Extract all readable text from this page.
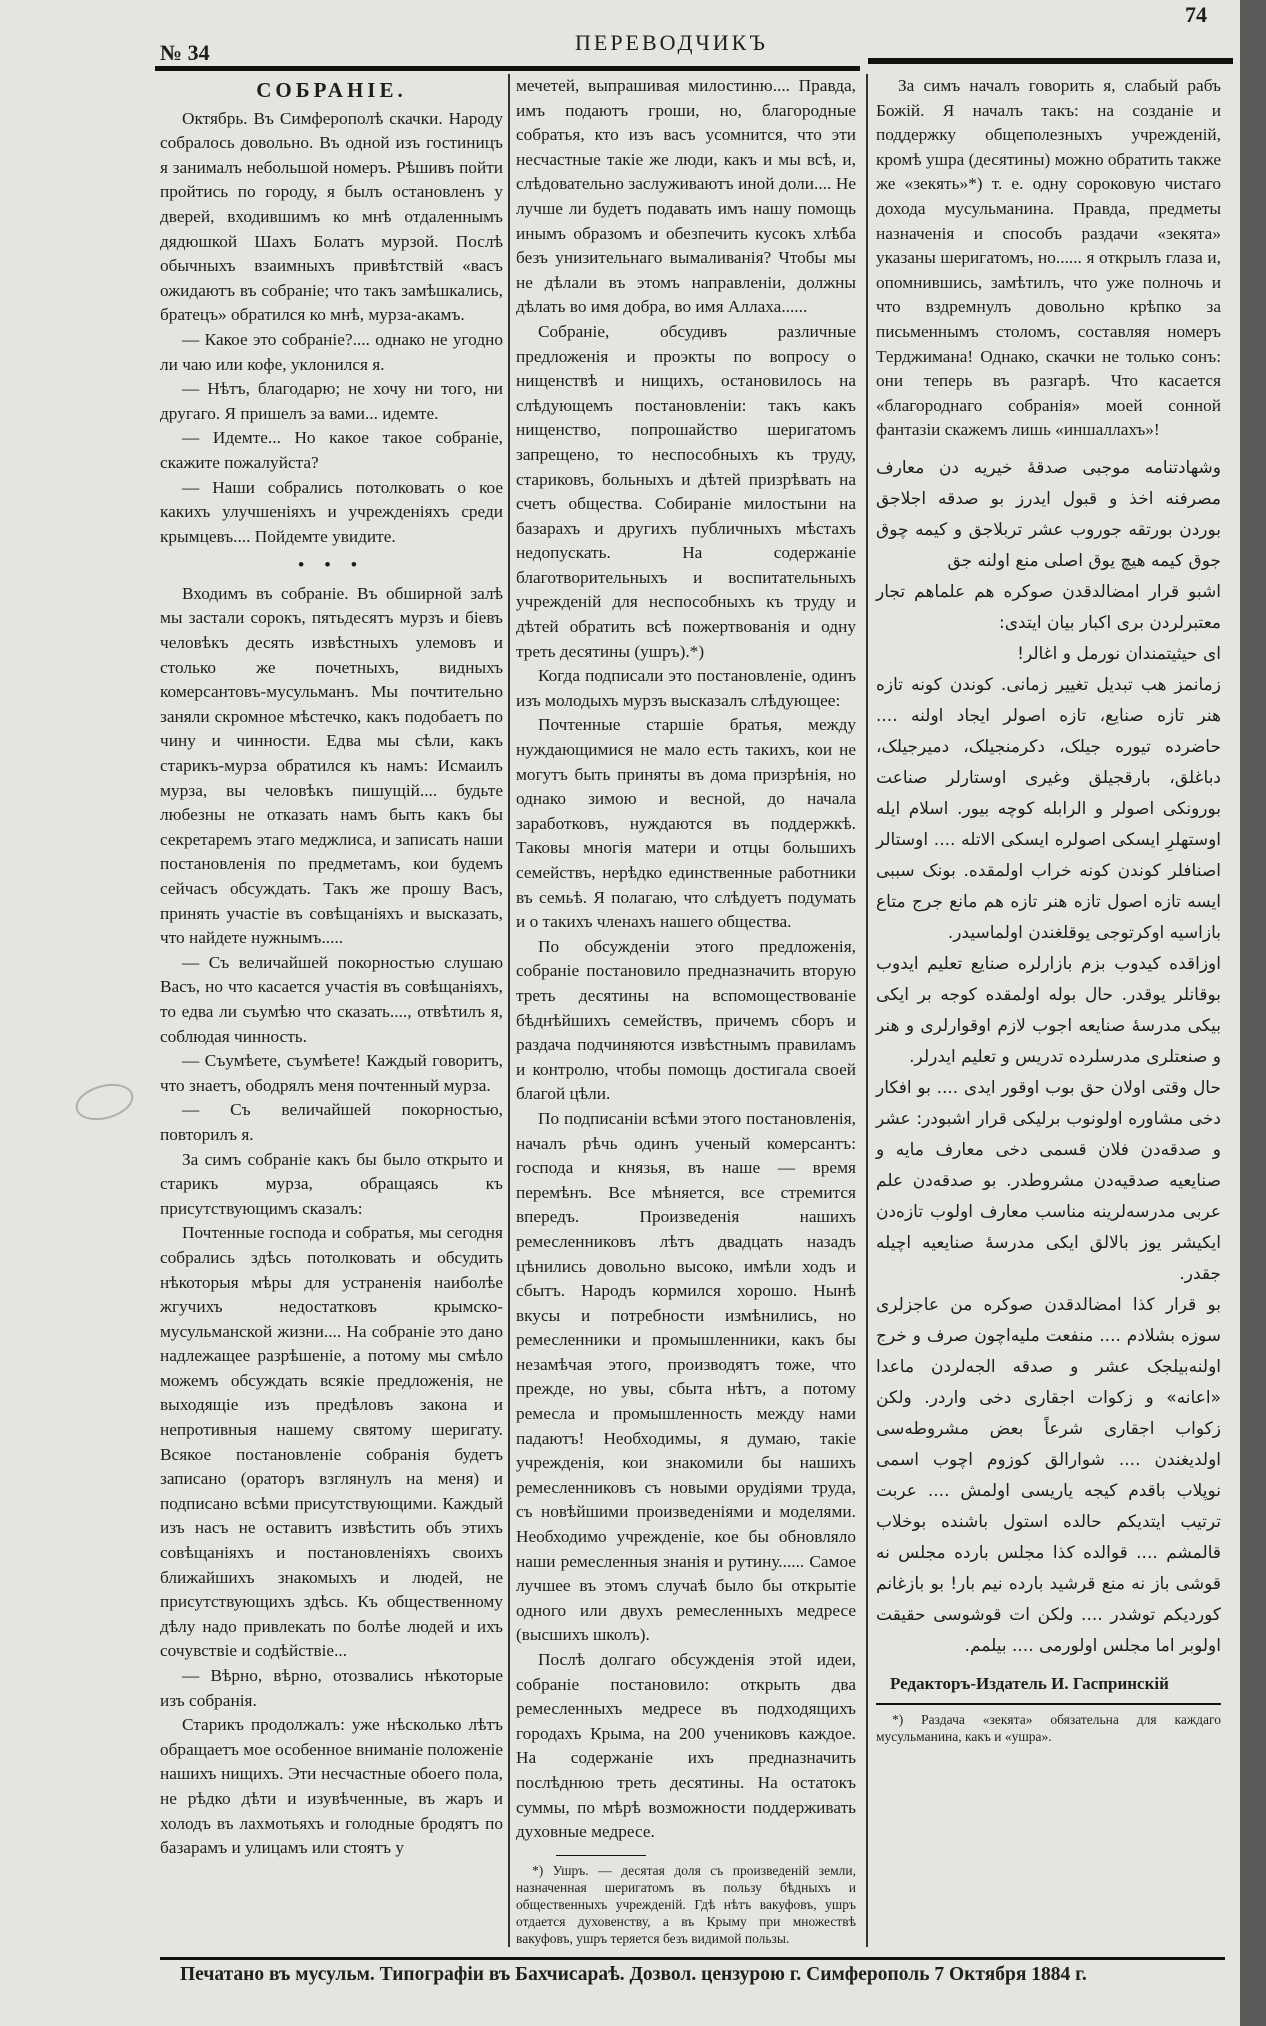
№ 34	ПЕРЕВОДЧИКЪ
74
СОБРАНІЕ.

Октябрь. Въ Симферополѣ скачки. Народу собралось довольно. Въ одной изъ гостиницъ я занималъ небольшой номеръ. Рѣшивъ пойти пройтись по городу, я былъ остановленъ у дверей, входившимъ ко мнѣ отдаленнымъ дядюшкой Шахъ Болатъ мурзой. Послѣ обычныхъ взаимныхъ привѣтствій «васъ ожидаютъ въ собраніе; что такъ замѣшкались, братецъ» обратился ко мнѣ, мурза-акамъ.

— Какое это собраніе?.... однако не угодно ли чаю или кофе, уклонился я.

— Нѣтъ, благодарю; не хочу ни того, ни другаго. Я пришелъ за вами... идемте.

— Идемте... Но какое такое собраніе, скажите пожалуйста?

— Наши собрались потолковать о кое какихъ улучшеніяхъ и учрежденіяхъ среди крымцевъ.... Пойдемте увидите.

• • •

Входимъ въ собраніе. Въ обширной залѣ мы застали сорокъ, пятьдесятъ мурзъ и біевъ человѣкъ десять извѣстныхъ улемовъ и столько же почетныхъ, видныхъ комерсантовъ-мусульманъ. Мы почтительно заняли скромное мѣстечко, какъ подобаетъ по чину и чинности. Едва мы сѣли, какъ старикъ-мурза обратился къ намъ: Исмаилъ мурза, вы человѣкъ пишущій.... будьте любезны не отказать намъ быть какъ бы секретаремъ этаго меджлиса, и записать наши постановленія по предметамъ, кои будемъ сейчасъ обсуждать. Такъ же прошу Васъ, принять участіе въ совѣщаніяхъ и высказать, что найдете нужнымъ.....

— Съ величайшей покорностью слушаю Васъ, но что касается участія въ совѣщаніяхъ, то едва ли съумѣю что сказать...., отвѣтилъ я, соблюдая чинность.

— Съумѣете, съумѣете! Каждый говоритъ, что знаетъ, ободрялъ меня почтенный мурза.

— Съ величайшей покорностью, повторилъ я.

За симъ собраніе какъ бы было открыто и старикъ мурза, обращаясь къ присутствующимъ сказалъ:

Почтенные господа и собратья, мы сегодня собрались здѣсь потолковать и обсудить нѣкоторыя мѣры для устраненія наиболѣе жгучихъ недостатковъ крымско-мусульманской жизни.... На собраніе это дано надлежащее разрѣшеніе, а потому мы смѣло можемъ обсуждать всякіе предложенія, не выходящіе изъ предѣловъ закона и непротивныя нашему святому шеригату. Всякое постановленіе собранія будетъ записано (ораторъ взглянулъ на меня) и подписано всѣми присутствующими. Каждый изъ насъ не оставитъ извѣстить объ этихъ совѣщаніяхъ и постановленіяхъ своихъ ближайшихъ знакомыхъ и людей, не присутствующихъ здѣсь. Къ общественному дѣлу надо привлекать по болѣе людей и ихъ сочувствіе и содѣйствіе...

— Вѣрно, вѣрно, отозвались нѣкоторые изъ собранія.

Старикъ продолжалъ: уже нѣсколько лѣтъ обращаетъ мое особенное вниманіе положеніе нашихъ нищихъ. Эти несчастные обоего пола, не рѣдко дѣти и изувѣченные, въ жаръ и холодъ въ лахмотьяхъ и голодные бродятъ по базарамъ и улицамъ или стоятъ у

мечетей, выпрашивая милостиню.... Правда, имъ подаютъ гроши, но, благородные собратья, кто изъ васъ усомнится, что эти несчастные такіе же люди, какъ и мы всѣ, и, слѣдовательно заслуживаютъ иной доли.... Не лучше ли будетъ подавать имъ нашу помощь инымъ образомъ и обезпечить кусокъ хлѣба безъ унизительнаго вымаливанія? Чтобы мы не дѣлали въ этомъ направленіи, должны дѣлать во имя добра, во имя Аллаха......

Собраніе, обсудивъ различные предложенія и проэкты по вопросу о нищенствѣ и нищихъ, остановилось на слѣдующемъ постановленіи: такъ какъ нищенство, попрошайство шеригатомъ запрещено, то неспособныхъ къ труду, стариковъ, больныхъ и дѣтей призрѣвать на счетъ общества. Собираніе милостыни на базарахъ и другихъ публичныхъ мѣстахъ недопускать. На содержаніе благотворительныхъ и воспитательныхъ учрежденій для неспособныхъ къ труду и дѣтей обратить всѣ пожертвованія и одну треть десятины (ушръ).*)

Когда подписали это постановленіе, одинъ изъ молодыхъ мурзъ высказалъ слѣдующее:

Почтенные старшіе братья, между нуждающимися не мало есть такихъ, кои не могутъ быть приняты въ дома призрѣнія, но однако зимою и весной, до начала заработковъ, нуждаются въ поддержкѣ. Таковы многія матери и отцы большихъ семействъ, нерѣдко единственные работники въ семьѣ. Я полагаю, что слѣдуетъ подумать и о такихъ членахъ нашего общества.

По обсужденіи этого предложенія, собраніе постановило предназначить вторую треть десятины на вспомоществованіе бѣднѣйшихъ семействъ, причемъ сборъ и раздача подчиняются извѣстнымъ правиламъ и контролю, чтобы помощь достигала своей благой цѣли.

По подписаніи всѣми этого постановленія, началъ рѣчь одинъ ученый комерсантъ: господа и князья, въ наше — время перемѣнъ. Все мѣняется, все стремится впередъ. Произведенія нашихъ ремесленниковъ лѣтъ двадцать назадъ цѣнились довольно высоко, имѣли ходъ и сбытъ. Народъ кормился хорошо. Нынѣ вкусы и потребности измѣнились, но ремесленники и промышленники, какъ бы незамѣчая этого, производятъ тоже, что прежде, но увы, сбыта нѣтъ, а потому ремесла и промышленность между нами падаютъ! Необходимы, я думаю, такіе учрежденія, кои знакомили бы нашихъ ремесленниковъ съ новыми орудіями труда, съ новѣйшими произведеніями и моделями. Необходимо учрежденіе, кое бы обновляло наши ремесленныя знанія и рутину...... Самое лучшее въ этомъ случаѣ было бы открытіе одного или двухъ ремесленныхъ медресе (высшихъ школъ).

Послѣ долгаго обсужденія этой идеи, собраніе постановило: открыть два ремесленныхъ медресе въ подходящихъ городахъ Крыма, на 200 учениковъ каждое. На содержаніе ихъ предназначить послѣднюю треть десятины. На остатокъ суммы, по мѣрѣ возможности поддерживать духовные медресе.

*) Ушръ. — десятая доля съ произведеній земли, назначенная шеригатомъ въ пользу бѣдныхъ и общественныхъ учрежденій. Гдѣ нѣтъ вакуфовъ, ушръ отдается духовенству, а въ Крыму при множествѣ вакуфовъ, ушръ теряется безъ видимой пользы.

За симъ началъ говорить я, слабый рабъ Божій. Я началъ такъ: на созданіе и поддержку общеполезныхъ учрежденій, кромѣ ушра (десятины) можно обратить также же «зекять»*) т. е. одну сороковую чистаго дохода мусульманина. Правда, предметы назначенія и способъ раздачи «зекята» указаны шеригатомъ, но...... я открылъ глаза и, опомнившись, замѣтилъ, что уже полночь и что вздремнулъ довольно крѣпко за письменнымъ столомъ, составляя номеръ Терджимана! Однако, скачки не только сонъ: они теперь въ разгарѣ. Что касается «благороднаго собранія» моей сонной фантазіи скажемъ лишь «иншаллахъ»!

وشهادتنامه موجبی صدقهٔ خیریه دن معارف مصرفنه اخذ و قبول ایدرز بو صدقه اجلاجق بوردن بورتقه جوروب عشر تربلاجق و کیمه چوق جوق کیمه هیچ یوق اصلی منع اولنه جق

اشبو قرار امضالدقدن صوکره هم علماهم تجار معتبرلردن بری اکبار بیان ایتدی:

ای حیثیتمندان نورمل و اغالر!

زمانمز هب تبدیل تغییر زمانی. کوندن کونه تازه هنر تازه صنایع، تازه اصولر ایجاد اولنه .... حاضرده تیوره جیلک، دکرمنجیلک، دمیرجیلک، دباغلق، بارقجیلق وغیری اوستارلر صناعت بورونکی اصولر و الرابله کوچه بیور. اسلام ایله اوستهلرِ ایسکی اصولره ایسکی الاتله .... اوستالر اصنافلر کوندن کونه خراب اولمقده. بونک سببی ایسه تازه اصول تازه هنر تازه هم مانع جرج متاع بازاسیه اوکرتوجی یوقلغندن اولماسیدر.

اوزاقده کیدوب بزم بازارلره صنایع تعلیم ایدوب بوقانلر یوقدر. حال بوله اولمقده کوجه بر ایکی بیکی مدرسهٔ صنایعه اجوب لازم اوقوارلری و هنر و صنعتلری مدرسلرده تدریس و تعلیم ایدرلر.

حال وقتی اولان حق بوب اوقور ایدی .... بو افکار دخی مشاوره اولونوب برلیکی قرار اشبودر: عشر و صدقه‌دن فلان قسمی دخی معارف مایه و صنایعیه صدقیه‌دن مشروطدر. بو صدقه‌دن علم عربی مدرسه‌لرینه مناسب معارف اولوب تازه‌دن ایکیشر یوز بالالق ایکی مدرسهٔ صنایعیه اچیله جقدر.

بو قرار کذا امضالدقدن صوکره من عاجزلری سوزه بشلادم .... منفعت مليه‌اچون صرف و خرج اولنه‌بیلجک عشر و صدقه الجه‌لردن ماعدا «اعانه» و زکوات اجقاری دخی واردر. ولکن زکواب اجقاری شرعاً بعض مشروطه‌سی اولدیغندن .... شوارالق کوزوم اچوب اسمی نوپلاب باقدم کیجه یاریسی اولمش .... عربت ترتیب ایتدیکم حالده استول باشنده بوخلاب قالمشم .... قوالده کذا مجلس بارده مجلس نه قوشی باز نه منع قرشید بارده نیم بار! بو بازغانم کوردیکم توشدر .... ولکن ات قوشوسی حقیقت اولوبر اما مجلس اولورمی .... بیلمم.

Редакторъ-Издатель И. Гаспринскій

*) Раздача «зекята» обязательна для каждаго мусульманина, какъ и «ушра».

Печатано въ мусульм. Типографіи въ Бахчисараѣ. Дозвол. цензурою г. Симферополь 7 Октября 1884 г.
